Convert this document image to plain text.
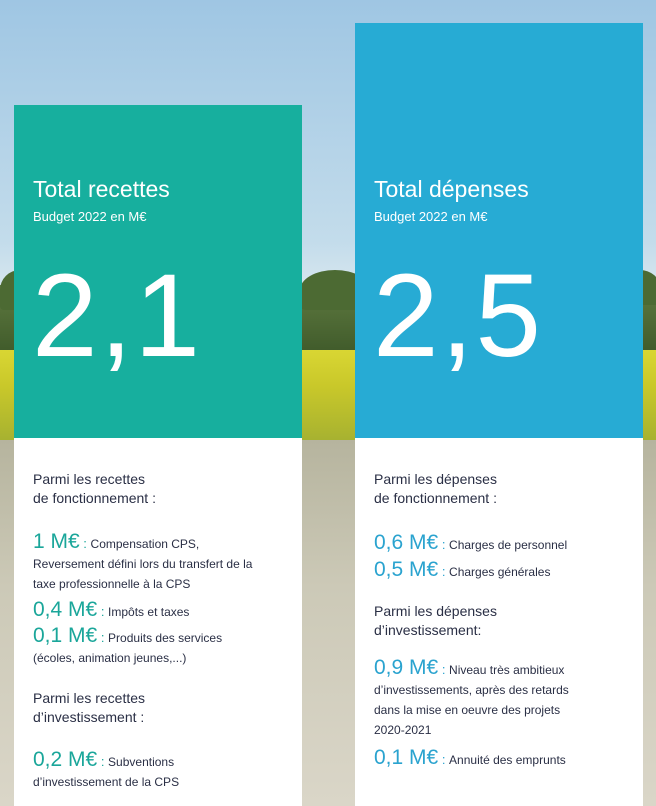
Total recettes
Budget 2022 en M€
2,1
Total dépenses
Budget 2022 en M€
2,5
Parmi les recettes
de fonctionnement :
1 M€ : Compensation CPS,
Reversement défini lors du transfert de la
taxe professionnelle à la CPS
0,4 M€ : Impôts et taxes
0,1 M€ : Produits des services
(écoles, animation jeunes,...)
Parmi les recettes
d’investissement :
0,2 M€ : Subventions
d’investissement de la CPS
Parmi les dépenses
de fonctionnement :
0,6 M€ : Charges de personnel
0,5 M€ : Charges générales
Parmi les dépenses
d’investissement:
0,9 M€ : Niveau très ambitieux
d’investissements, après des retards
dans la mise en oeuvre des projets
2020-2021
0,1 M€ : Annuité des emprunts
